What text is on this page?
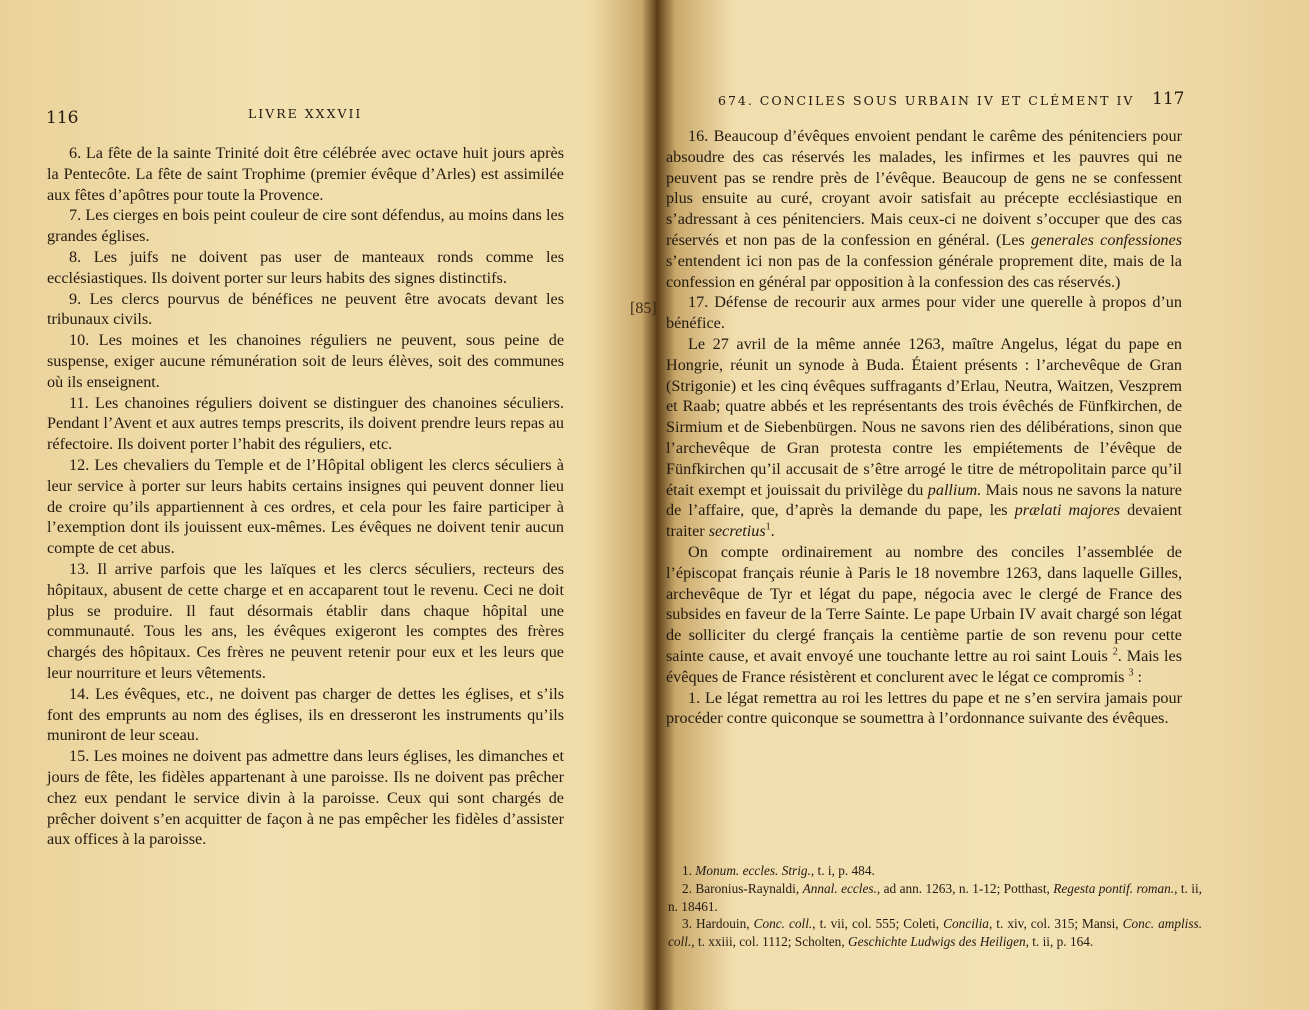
116	LIVRE XXXVII

6. La fête de la sainte Trinité doit être célébrée avec octave huit jours après la Pentecôte. La fête de saint Trophime (premier évêque d’Arles) est assimilée aux fêtes d’apôtres pour toute la Provence.

7. Les cierges en bois peint couleur de cire sont défendus, au moins dans les grandes églises.

8. Les juifs ne doivent pas user de manteaux ronds comme les ecclésiastiques. Ils doivent porter sur leurs habits des signes distinctifs.

9. Les clercs pourvus de bénéfices ne peuvent être avocats devant les tribunaux civils.

10. Les moines et les chanoines réguliers ne peuvent, sous peine de suspense, exiger aucune rémunération soit de leurs élèves, soit des communes où ils enseignent.

11. Les chanoines réguliers doivent se distinguer des chanoines séculiers. Pendant l’Avent et aux autres temps prescrits, ils doivent prendre leurs repas au réfectoire. Ils doivent porter l’habit des réguliers, etc.

12. Les chevaliers du Temple et de l’Hôpital obligent les clercs séculiers à leur service à porter sur leurs habits certains insignes qui peuvent donner lieu de croire qu’ils appartiennent à ces ordres, et cela pour les faire participer à l’exemption dont ils jouissent eux-mêmes. Les évêques ne doivent tenir aucun compte de cet abus.

13. Il arrive parfois que les laïques et les clercs séculiers, recteurs des hôpitaux, abusent de cette charge et en accaparent tout le revenu. Ceci ne doit plus se produire. Il faut désormais établir dans chaque hôpital une communauté. Tous les ans, les évêques exigeront les comptes des frères chargés des hôpitaux. Ces frères ne peuvent retenir pour eux et les leurs que leur nourriture et leurs vêtements.

14. Les évêques, etc., ne doivent pas charger de dettes les églises, et s’ils font des emprunts au nom des églises, ils en dresseront les instruments qu’ils muniront de leur sceau.

15. Les moines ne doivent pas admettre dans leurs églises, les dimanches et jours de fête, les fidèles appartenant à une paroisse. Ils ne doivent pas prêcher chez eux pendant le service divin à la paroisse. Ceux qui sont chargés de prêcher doivent s’en acquitter de façon à ne pas empêcher les fidèles d’assister aux offices à la paroisse.

674. CONCILES SOUS URBAIN IV ET CLÉMENT IV 117
[85]

16. Beaucoup d’évêques envoient pendant le carême des pénitenciers pour absoudre des cas réservés les malades, les infirmes et les pauvres qui ne peuvent pas se rendre près de l’évêque. Beaucoup de gens ne se confessent plus ensuite au curé, croyant avoir satisfait au précepte ecclésiastique en s’adressant à ces pénitenciers. Mais ceux-ci ne doivent s’occuper que des cas réservés et non pas de la confession en général. (Les generales confessiones s’entendent ici non pas de la confession générale proprement dite, mais de la confession en général par opposition à la confession des cas réservés.)

17. Défense de recourir aux armes pour vider une querelle à propos d’un bénéfice.

Le 27 avril de la même année 1263, maître Angelus, légat du pape en Hongrie, réunit un synode à Buda. Étaient présents : l’archevêque de Gran (Strigonie) et les cinq évêques suffragants d’Erlau, Neutra, Waitzen, Veszprem et Raab; quatre abbés et les représentants des trois évêchés de Fünfkirchen, de Sirmium et de Siebenbürgen. Nous ne savons rien des délibérations, sinon que l’archevêque de Gran protesta contre les empiétements de l’évêque de Fünfkirchen qu’il accusait de s’être arrogé le titre de métropolitain parce qu’il était exempt et jouissait du privilège du pallium. Mais nous ne savons la nature de l’affaire, que, d’après la demande du pape, les prælati majores devaient traiter secretius$^1$.

On compte ordinairement au nombre des conciles l’assemblée de l’épiscopat français réunie à Paris le 18 novembre 1263, dans laquelle Gilles, archevêque de Tyr et légat du pape, négocia avec le clergé de France des subsides en faveur de la Terre Sainte. Le pape Urbain IV avait chargé son légat de solliciter du clergé français la centième partie de son revenu pour cette sainte cause, et avait envoyé une touchante lettre au roi saint Louis $^2$. Mais les évêques de France résistèrent et conclurent avec le légat ce compromis $^3$ :

1. Le légat remettra au roi les lettres du pape et ne s’en servira jamais pour procéder contre quiconque se soumettra à l’ordonnance suivante des évêques.

1. Monum. eccles. Strig., t. i, p. 484.

2. Baronius-Raynaldi, Annal. eccles., ad ann. 1263, n. 1-12; Potthast, Regesta pontif. roman., t. ii, n. 18461.

3. Hardouin, Conc. coll., t. vii, col. 555; Coleti, Concilia, t. xiv, col. 315; Mansi, Conc. ampliss. coll., t. xxiii, col. 1112; Scholten, Geschichte Ludwigs des Heiligen, t. ii, p. 164.
